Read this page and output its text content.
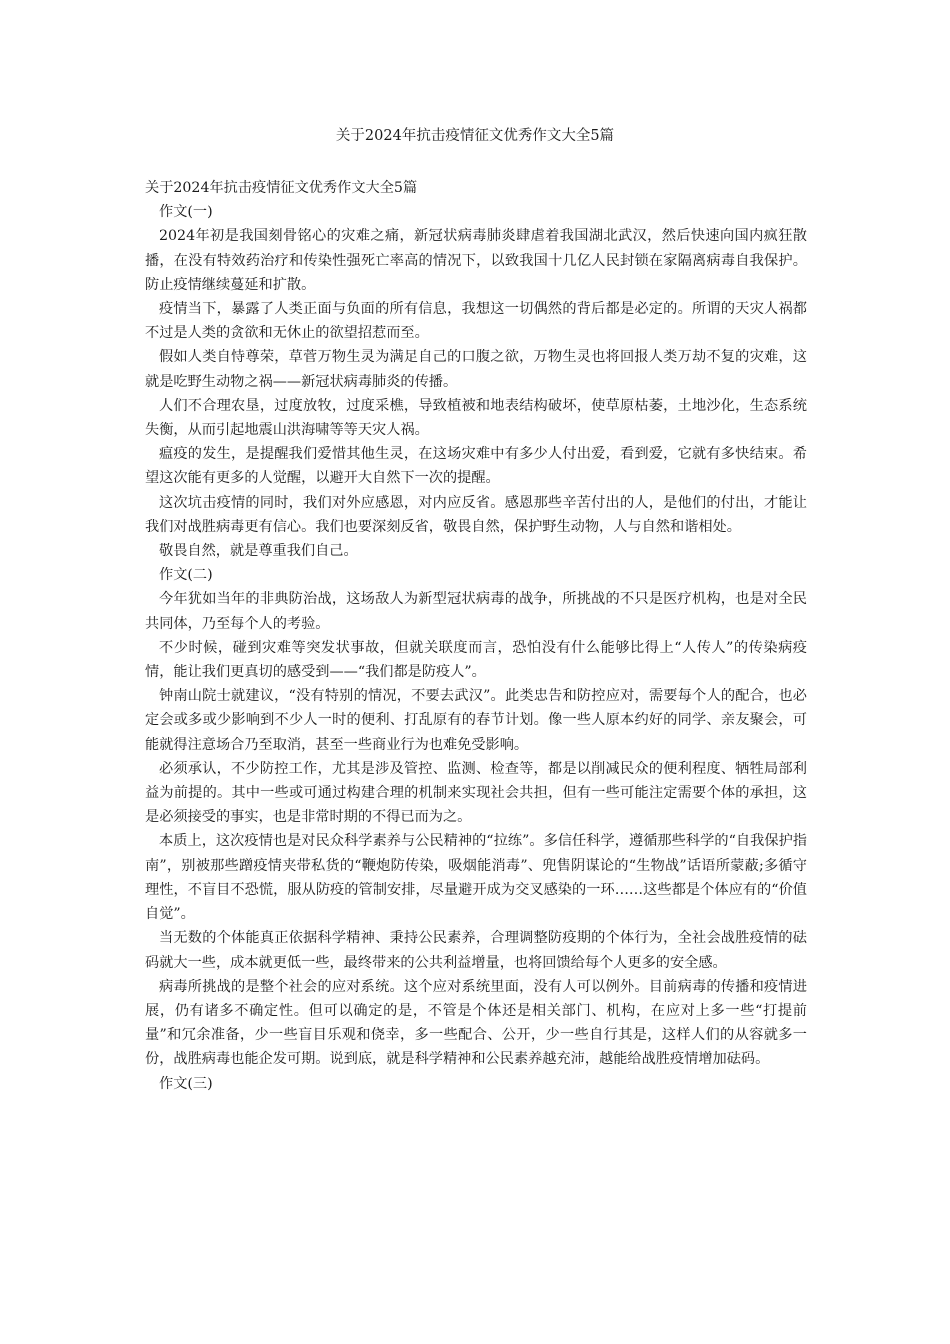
关于2024年抗击疫情征文优秀作文大全5篇

关于2024年抗击疫情征文优秀作文大全5篇

作文(一)

2024年初是我国刻骨铭心的灾难之痛，新冠状病毒肺炎肆虐着我国湖北武汉，然后快速向国内疯狂散播，在没有特效药治疗和传染性强死亡率高的情况下，以致我国十几亿人民封锁在家隔离病毒自我保护。防止疫情继续蔓延和扩散。

疫情当下，暴露了人类正面与负面的所有信息，我想这一切偶然的背后都是必定的。所谓的天灾人祸都不过是人类的贪欲和无休止的欲望招惹而至。

假如人类自恃尊荣，草菅万物生灵为满足自己的口腹之欲，万物生灵也将回报人类万劫不复的灾难，这就是吃野生动物之祸——新冠状病毒肺炎的传播。

人们不合理农垦，过度放牧，过度采樵，导致植被和地表结构破坏，使草原枯萎，土地沙化，生态系统失衡，从而引起地震山洪海啸等等天灾人祸。

瘟疫的发生，是提醒我们爱惜其他生灵，在这场灾难中有多少人付出爱，看到爱，它就有多快结束。希望这次能有更多的人觉醒，以避开大自然下一次的提醒。

这次坑击疫情的同时，我们对外应感恩，对内应反省。感恩那些辛苦付出的人，是他们的付出，才能让我们对战胜病毒更有信心。我们也要深刻反省，敬畏自然，保护野生动物，人与自然和谐相处。

敬畏自然，就是尊重我们自己。

作文(二)

今年犹如当年的非典防治战，这场敌人为新型冠状病毒的战争，所挑战的不只是医疗机构，也是对全民共同体，乃至每个人的考验。

不少时候，碰到灾难等突发状事故，但就关联度而言，恐怕没有什么能够比得上“人传人”的传染病疫情，能让我们更真切的感受到——“我们都是防疫人”。

钟南山院士就建议，“没有特别的情况，不要去武汉”。此类忠告和防控应对，需要每个人的配合，也必定会或多或少影响到不少人一时的便利、打乱原有的春节计划。像一些人原本约好的同学、亲友聚会，可能就得注意场合乃至取消，甚至一些商业行为也难免受影响。

必须承认，不少防控工作，尤其是涉及管控、监测、检查等，都是以削减民众的便利程度、牺牲局部利益为前提的。其中一些或可通过构建合理的机制来实现社会共担，但有一些可能注定需要个体的承担，这是必须接受的事实，也是非常时期的不得已而为之。

本质上，这次疫情也是对民众科学素养与公民精神的“拉练”。多信任科学，遵循那些科学的“自我保护指南”，别被那些蹭疫情夹带私货的“鞭炮防传染，吸烟能消毒”、兜售阴谋论的“生物战”话语所蒙蔽;多循守理性，不盲目不恐慌，服从防疫的管制安排，尽量避开成为交叉感染的一环……这些都是个体应有的“价值自觉”。

当无数的个体能真正依据科学精神、秉持公民素养，合理调整防疫期的个体行为，全社会战胜疫情的砝码就大一些，成本就更低一些，最终带来的公共利益增量，也将回馈给每个人更多的安全感。

病毒所挑战的是整个社会的应对系统。这个应对系统里面，没有人可以例外。目前病毒的传播和疫情进展，仍有诸多不确定性。但可以确定的是，不管是个体还是相关部门、机构，在应对上多一些“打提前量”和冗余准备，少一些盲目乐观和侥幸，多一些配合、公开，少一些自行其是，这样人们的从容就多一份，战胜病毒也能企发可期。说到底，就是科学精神和公民素养越充沛，越能给战胜疫情增加砝码。

作文(三)
